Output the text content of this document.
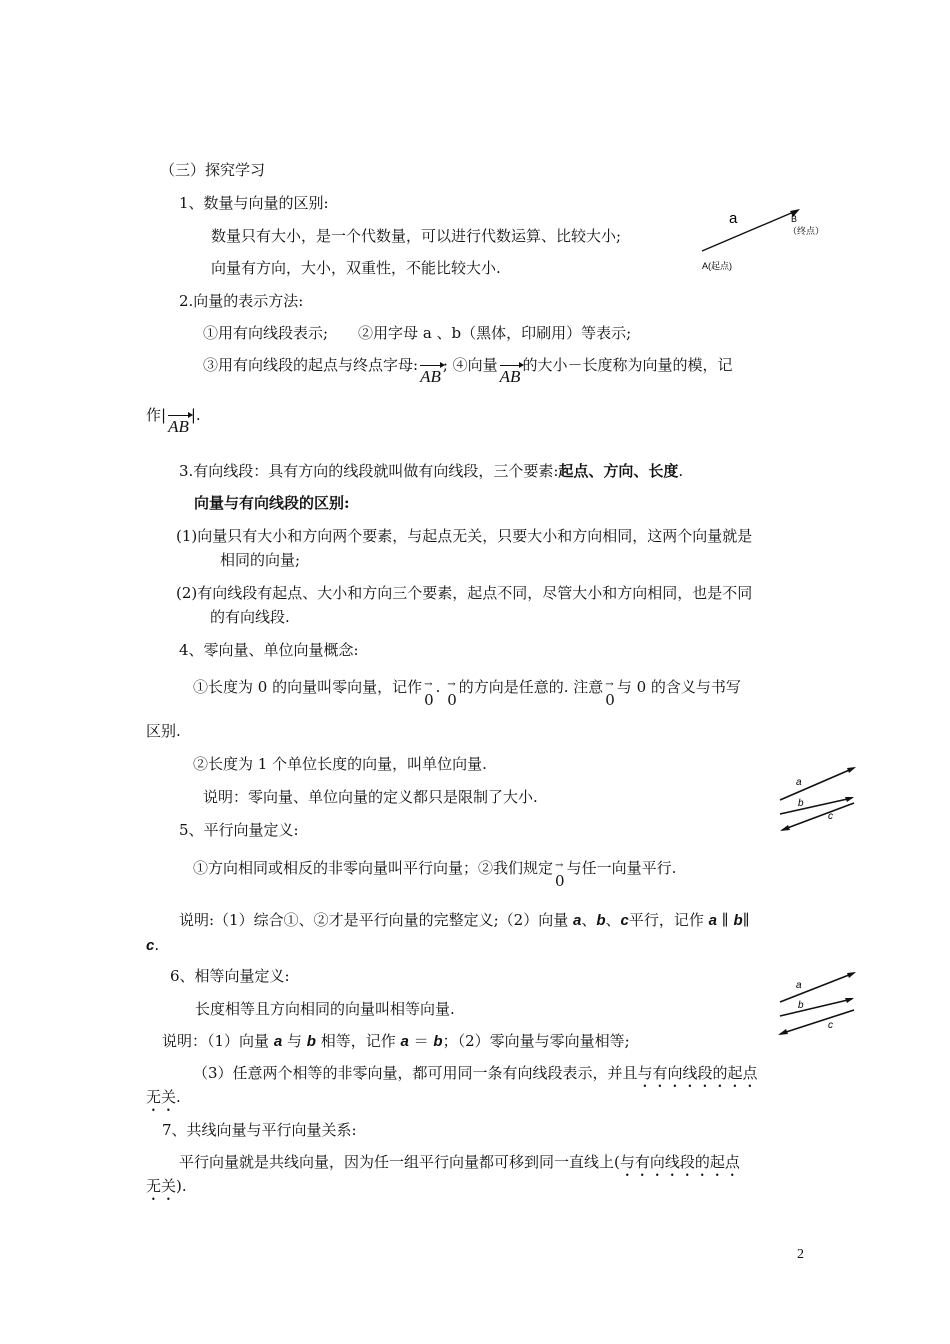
（三）探究学习
1、数量与向量的区别:
数量只有大小，是一个代数量，可以进行代数运算、比较大小;
向量有方向，大小，双重性，不能比较大小.
a	B
（终点）
A(起点)
2.向量的表示方法:
①用有向线段表示;　　②用字母 a 、b（黑体，印刷用）等表示;
③用有向线段的起点与终点字母:AB; ④向量AB的大小－长度称为向量的模，记
作|AB|.
3.有向线段：具有方向的线段就叫做有向线段，三个要素:起点、方向、长度.
向量与有向线段的区别:
(1)向量只有大小和方向两个要素，与起点无关，只要大小和方向相同，这两个向量就是
相同的向量;
(2)有向线段有起点、大小和方向三个要素，起点不同，尽管大小和方向相同，也是不同
的有向线段.
4、零向量、单位向量概念:
①长度为 0 的向量叫零向量，记作→ 0. → 0的方向是任意的. 注意→ 0与 0 的含义与书写
区别.
②长度为 1 个单位长度的向量，叫单位向量.
说明：零向量、单位向量的定义都只是限制了大小.
a
b
c
5、平行向量定义:
①方向相同或相反的非零向量叫平行向量；②我们规定→ 0与任一向量平行.
说明:（1）综合①、②才是平行向量的完整定义;（2）向量 a、b、c平行，记作 a ∥ b∥
c.
6、相等向量定义:
长度相等且方向相同的向量叫相等向量.
说明：（1）向量 a 与 b 相等，记作 a ＝ b；（2）零向量与零向量相等;
（3）任意两个相等的非零向量，都可用同一条有向线段表示，并且与有向线段的起点
无关.
a
b
c
7、共线向量与平行向量关系:
平行向量就是共线向量，因为任一组平行向量都可移到同一直线上(与有向线段的起点
无关).
2
